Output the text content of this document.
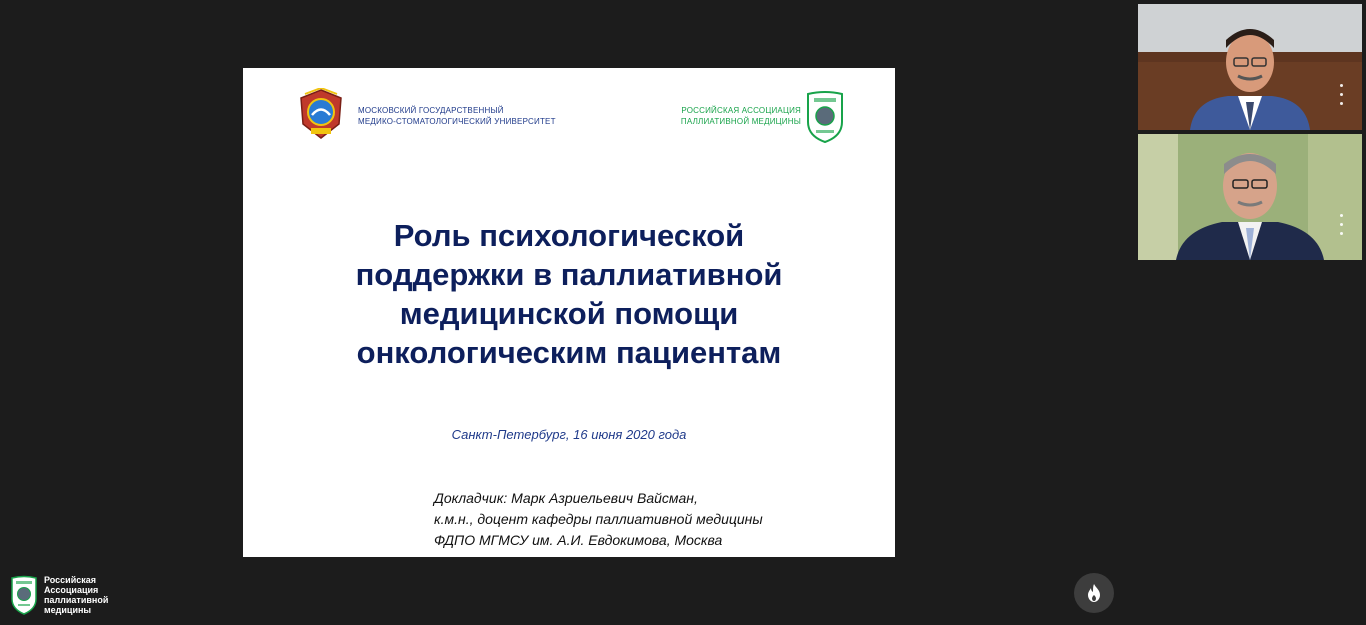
МОСКОВСКИЙ ГОСУДАРСТВЕННЫЙ
МЕДИКО-СТОМАТОЛОГИЧЕСКИЙ УНИВЕРСИТЕТ
РОССИЙСКАЯ АССОЦИАЦИЯ
ПАЛЛИАТИВНОЙ МЕДИЦИНЫ
Роль психологической
поддержки в паллиативной
медицинской помощи
онкологическим пациентам
Санкт-Петербург, 16 июня 2020 года
Докладчик: Марк Азриельевич Вайсман,
к.м.н., доцент кафедры паллиативной медицины
ФДПО МГМСУ им. А.И. Евдокимова, Москва
Российская
Ассоциация
паллиативной
медицины
